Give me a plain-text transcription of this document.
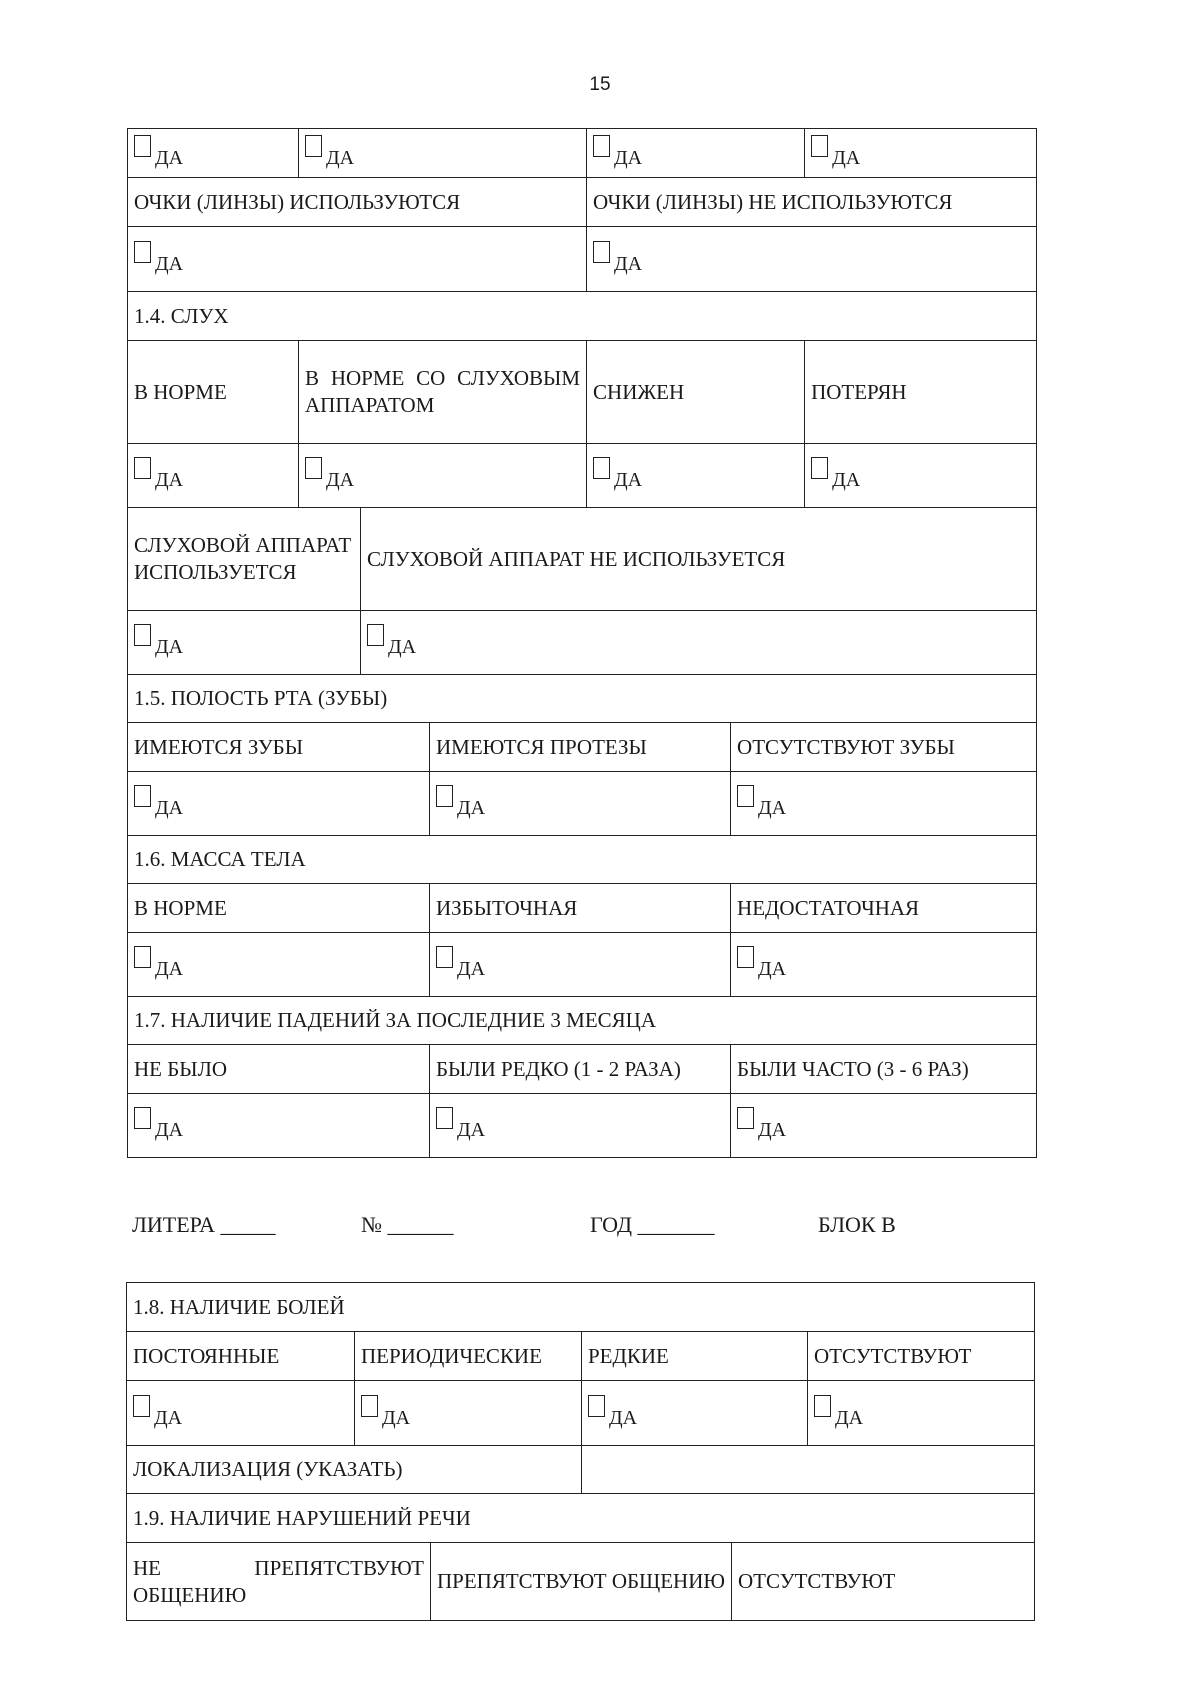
15
ДА	ДА			ДА		ДА
ОЧКИ (ЛИНЗЫ) ИСПОЛЬЗУЮТСЯ				ОЧКИ (ЛИНЗЫ) НЕ ИСПОЛЬЗУЮТСЯ		
ДА				ДА		
1.4. СЛУХ						
В НОРМЕ	В НОРМЕ СО СЛУХОВЫМ АППАРАТОМ			СНИЖЕН		ПОТЕРЯН
ДА	ДА			ДА		ДА
СЛУХОВОЙ АППАРАТ ИСПОЛЬЗУЕТСЯ		СЛУХОВОЙ АППАРАТ НЕ ИСПОЛЬЗУЕТСЯ				
ДА		ДА				
1.5. ПОЛОСТЬ РТА (ЗУБЫ)						
ИМЕЮТСЯ ЗУБЫ			ИМЕЮТСЯ ПРОТЕЗЫ		ОТСУТСТВУЮТ ЗУБЫ	
ДА			ДА		ДА	
1.6. МАССА ТЕЛА						
В НОРМЕ			ИЗБЫТОЧНАЯ		НЕДОСТАТОЧНАЯ	
ДА			ДА		ДА	
1.7. НАЛИЧИЕ ПАДЕНИЙ ЗА ПОСЛЕДНИЕ 3 МЕСЯЦА						
НЕ БЫЛО			БЫЛИ РЕДКО (1 - 2 РАЗА)		БЫЛИ ЧАСТО (3 - 6 РАЗ)	
ДА			ДА		ДА	
ЛИТЕРА _____	№ ______	ГОД _______	БЛОК В
1.8. НАЛИЧИЕ БОЛЕЙ					
ПОСТОЯННЫЕ	ПЕРИОДИЧЕСКИЕ		РЕДКИЕ		ОТСУТСТВУЮТ
ДА	ДА		ДА		ДА
ЛОКАЛИЗАЦИЯ (УКАЗАТЬ)					
1.9. НАЛИЧИЕ НАРУШЕНИЙ РЕЧИ					
НЕ ПРЕПЯТСТВУЮТ ОБЩЕНИЮ		ПРЕПЯТСТВУЮТ ОБЩЕНИЮ		ОТСУТСТВУЮТ	
